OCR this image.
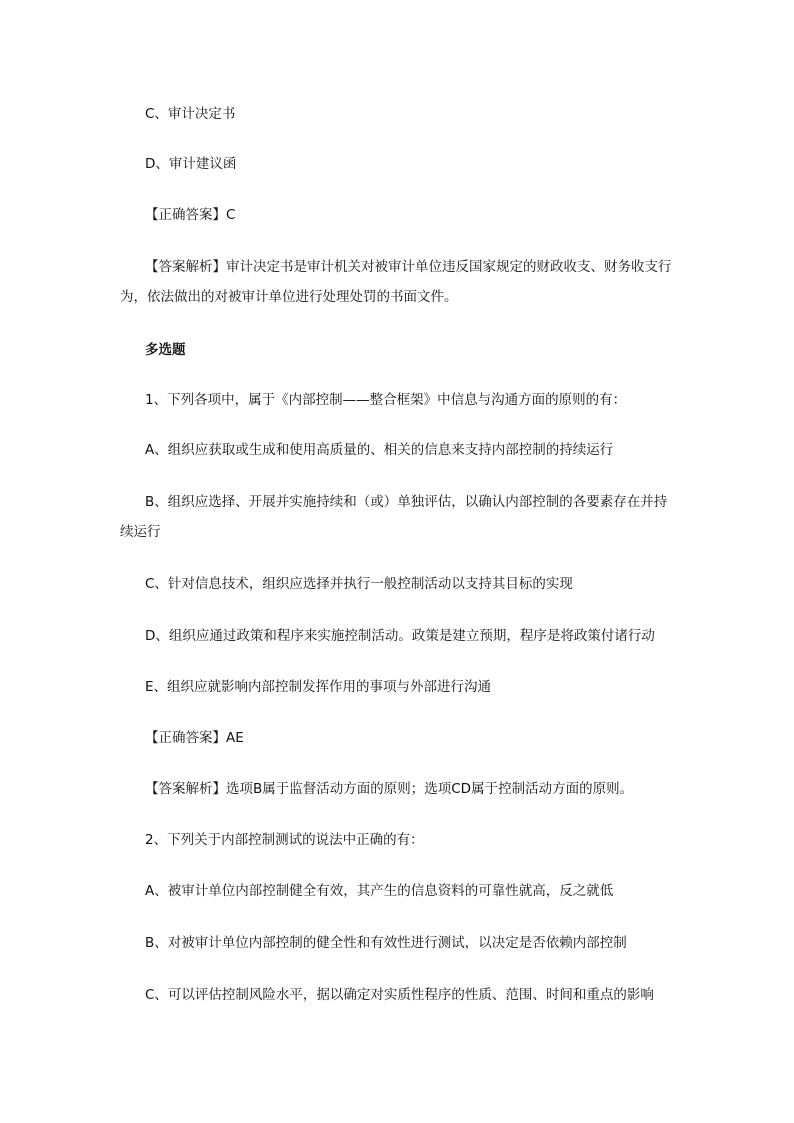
C、审计决定书
D、审计建议函
【正确答案】C
【答案解析】审计决定书是审计机关对被审计单位违反国家规定的财政收支、财务收支行为，依法做出的对被审计单位进行处理处罚的书面文件。
多选题
1、下列各项中，属于《内部控制——整合框架》中信息与沟通方面的原则的有：
A、组织应获取或生成和使用高质量的、相关的信息来支持内部控制的持续运行
B、组织应选择、开展并实施持续和（或）单独评估，以确认内部控制的各要素存在并持续运行
C、针对信息技术，组织应选择并执行一般控制活动以支持其目标的实现
D、组织应通过政策和程序来实施控制活动。政策是建立预期，程序是将政策付诸行动
E、组织应就影响内部控制发挥作用的事项与外部进行沟通
【正确答案】AE
【答案解析】选项B属于监督活动方面的原则；选项CD属于控制活动方面的原则。
2、下列关于内部控制测试的说法中正确的有：
A、被审计单位内部控制健全有效，其产生的信息资料的可靠性就高，反之就低
B、对被审计单位内部控制的健全性和有效性进行测试，以决定是否依赖内部控制
C、可以评估控制风险水平，据以确定对实质性程序的性质、范围、时间和重点的影响
